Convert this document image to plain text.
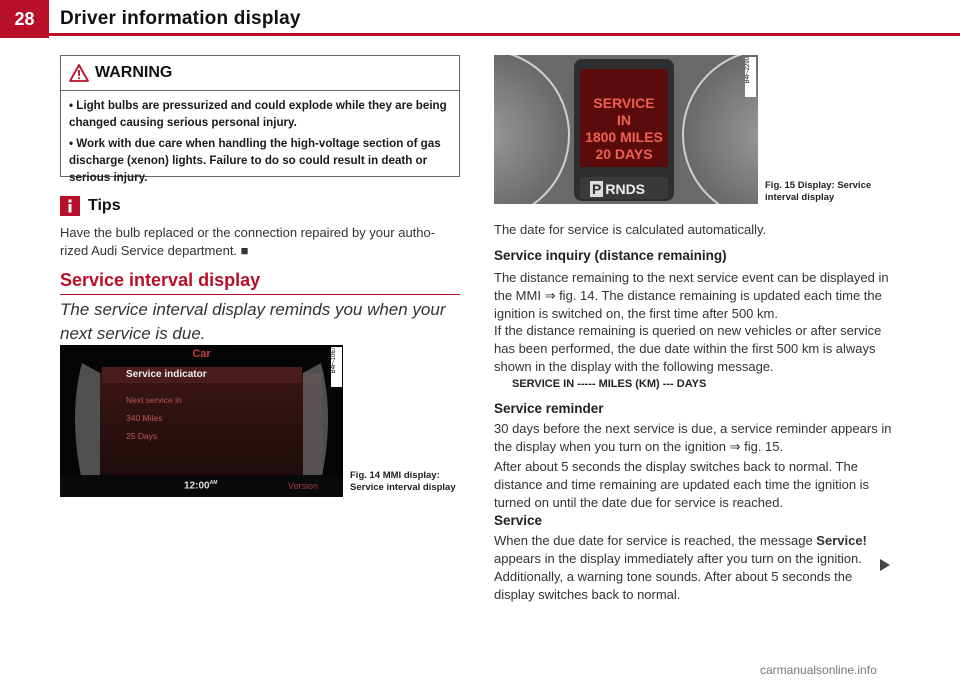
28 Driver information display
WARNING

• Light bulbs are pressurized and could explode while they are being changed causing serious personal injury.

• Work with due care when handling the high-voltage section of gas discharge (xenon) lights. Failure to do so could result in death or serious injury.

Tips
Have the bulb replaced or the connection repaired by your autho- rized Audi Service department. ■
Service interval display
The service interval display reminds you when your next service is due.
Car
Service indicator
Next service in
340 Miles
25 Days
$12:00^{AM}$	Version
B4F-1067
Fig. 14 MMI display: Service interval display
SERVICE
IN
1800 MILES
20 DAYS
P RNDS
B4F-2290
Fig. 15 Display: Service interval display
The date for service is calculated automatically.
Service inquiry (distance remaining)
The distance remaining to the next service event can be displayed in the MMI ⇒ fig. 14. The distance remaining is updated each time the ignition is switched on, the first time after 500 km.
If the distance remaining is queried on new vehicles or after service has been performed, the due date within the first 500 km is always shown in the display with the following message.
SERVICE IN ----- MILES (KM) --- DAYS
Service reminder
30 days before the next service is due, a service reminder appears in the display when you turn on the ignition ⇒ fig. 15.
After about 5 seconds the display switches back to normal. The distance and time remaining are updated each time the ignition is turned on until the date due for service is reached.
Service
When the due date for service is reached, the message Service! appears in the display immediately after you turn on the ignition. Additionally, a warning tone sounds. After about 5 seconds the display switches back to normal.
carmanualsonline.info
